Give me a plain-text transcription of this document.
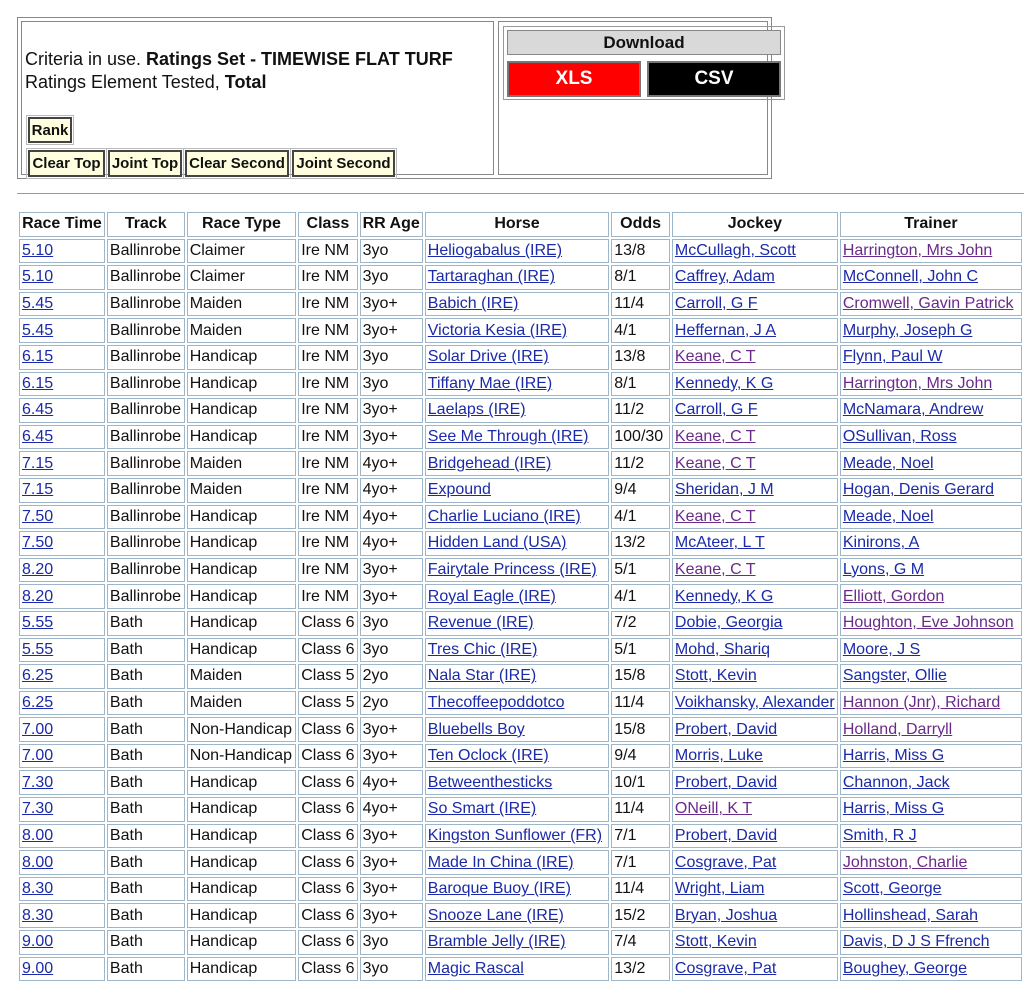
Criteria in use. Ratings Set - TIMEWISE FLAT TURF
Ratings Element Tested, Total
Rank
Clear Top Joint Top Clear Second Joint Second
Download
XLS	CSV
Race Time	Track	Race Type	Class	RR Age	Horse	Odds	Jockey	Trainer
5.10	Ballinrobe	Claimer	Ire NM	3yo	Heliogabalus (IRE)	13/8	McCullagh, Scott	Harrington, Mrs John
5.10	Ballinrobe	Claimer	Ire NM	3yo	Tartaraghan (IRE)	8/1	Caffrey, Adam	McConnell, John C
5.45	Ballinrobe	Maiden	Ire NM	3yo+	Babich (IRE)	11/4	Carroll, G F	Cromwell, Gavin Patrick
5.45	Ballinrobe	Maiden	Ire NM	3yo+	Victoria Kesia (IRE)	4/1	Heffernan, J A	Murphy, Joseph G
6.15	Ballinrobe	Handicap	Ire NM	3yo	Solar Drive (IRE)	13/8	Keane, C T	Flynn, Paul W
6.15	Ballinrobe	Handicap	Ire NM	3yo	Tiffany Mae (IRE)	8/1	Kennedy, K G	Harrington, Mrs John
6.45	Ballinrobe	Handicap	Ire NM	3yo+	Laelaps (IRE)	11/2	Carroll, G F	McNamara, Andrew
6.45	Ballinrobe	Handicap	Ire NM	3yo+	See Me Through (IRE)	100/30	Keane, C T	OSullivan, Ross
7.15	Ballinrobe	Maiden	Ire NM	4yo+	Bridgehead (IRE)	11/2	Keane, C T	Meade, Noel
7.15	Ballinrobe	Maiden	Ire NM	4yo+	Expound	9/4	Sheridan, J M	Hogan, Denis Gerard
7.50	Ballinrobe	Handicap	Ire NM	4yo+	Charlie Luciano (IRE)	4/1	Keane, C T	Meade, Noel
7.50	Ballinrobe	Handicap	Ire NM	4yo+	Hidden Land (USA)	13/2	McAteer, L T	Kinirons, A
8.20	Ballinrobe	Handicap	Ire NM	3yo+	Fairytale Princess (IRE)	5/1	Keane, C T	Lyons, G M
8.20	Ballinrobe	Handicap	Ire NM	3yo+	Royal Eagle (IRE)	4/1	Kennedy, K G	Elliott, Gordon
5.55	Bath	Handicap	Class 6	3yo	Revenue (IRE)	7/2	Dobie, Georgia	Houghton, Eve Johnson
5.55	Bath	Handicap	Class 6	3yo	Tres Chic (IRE)	5/1	Mohd, Shariq	Moore, J S
6.25	Bath	Maiden	Class 5	2yo	Nala Star (IRE)	15/8	Stott, Kevin	Sangster, Ollie
6.25	Bath	Maiden	Class 5	2yo	Thecoffeepoddotco	11/4	Voikhansky, Alexander	Hannon (Jnr), Richard
7.00	Bath	Non-Handicap	Class 6	3yo+	Bluebells Boy	15/8	Probert, David	Holland, Darryll
7.00	Bath	Non-Handicap	Class 6	3yo+	Ten Oclock (IRE)	9/4	Morris, Luke	Harris, Miss G
7.30	Bath	Handicap	Class 6	4yo+	Betweenthesticks	10/1	Probert, David	Channon, Jack
7.30	Bath	Handicap	Class 6	4yo+	So Smart (IRE)	11/4	ONeill, K T	Harris, Miss G
8.00	Bath	Handicap	Class 6	3yo+	Kingston Sunflower (FR)	7/1	Probert, David	Smith, R J
8.00	Bath	Handicap	Class 6	3yo+	Made In China (IRE)	7/1	Cosgrave, Pat	Johnston, Charlie
8.30	Bath	Handicap	Class 6	3yo+	Baroque Buoy (IRE)	11/4	Wright, Liam	Scott, George
8.30	Bath	Handicap	Class 6	3yo+	Snooze Lane (IRE)	15/2	Bryan, Joshua	Hollinshead, Sarah
9.00	Bath	Handicap	Class 6	3yo	Bramble Jelly (IRE)	7/4	Stott, Kevin	Davis, D J S Ffrench
9.00	Bath	Handicap	Class 6	3yo	Magic Rascal	13/2	Cosgrave, Pat	Boughey, George
